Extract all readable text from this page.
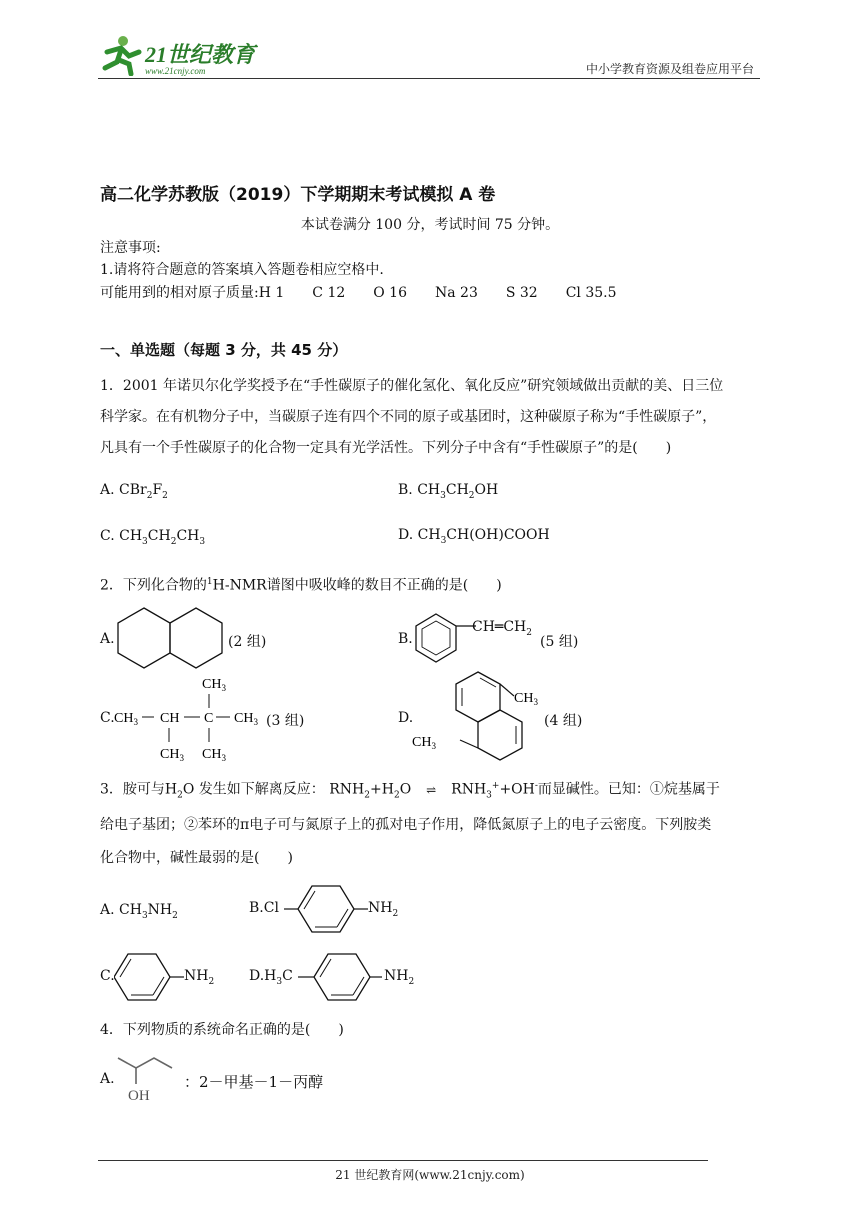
21世纪教育
www.21cnjy.com	中小学教育资源及组卷应用平台
高二化学苏教版（2019）下学期期末考试模拟 A 卷
本试卷满分 100 分，考试时间 75 分钟。
注意事项:
1.请将符合题意的答案填入答题卷相应空格中.
可能用到的相对原子质量:H 1　　C 12　　O 16　　Na 23　　S 32　　Cl 35.5
一、单选题（每题 3 分，共 45 分）
1．2001 年诺贝尔化学奖授予在“手性碳原子的催化氢化、氧化反应”研究领域做出贡献的美、日三位
科学家。在有机物分子中，当碳原子连有四个不同的原子或基团时，这种碳原子称为“手性碳原子”，
凡具有一个手性碳原子的化合物一定具有光学活性。下列分子中含有“手性碳原子”的是(　　)
A. $CBr_2F_2$	B. $CH_3CH_2OH$
C. $CH_3CH_2CH_3$	D. $CH_3CH(OH)COOH$
2．下列化合物的$^1$H-NMR谱图中吸收峰的数目不正确的是(　　)
A.	(2 组)	B.
$CH═CH_2$
(5 组)
C. $CH_3$ CH C $CH_3$
$CH_3$
$CH_3$
$CH_3$
(3 组)	D.
$CH_3$
$CH_3$
(4 组)
3．胺可与$H_2O$ 发生如下解离反应： $RNH_2+H_2O$ ⇌ $RNH_3^++OH^-$而显碱性。已知：①烷基属于
给电子基团；②苯环的π电子可与氮原子上的孤对电子作用，降低氮原子上的电子云密度。下列胺类
化合物中，碱性最弱的是(　　)
A. $CH_3NH_2$	B.Cl	$NH_2$
C.	$NH_2$ $D.H_3C$	$NH_2$
4．下列物质的系统命名正确的是(　　)
A.
OH
：2－甲基－1－丙醇
21 世纪教育网(www.21cnjy.com)
